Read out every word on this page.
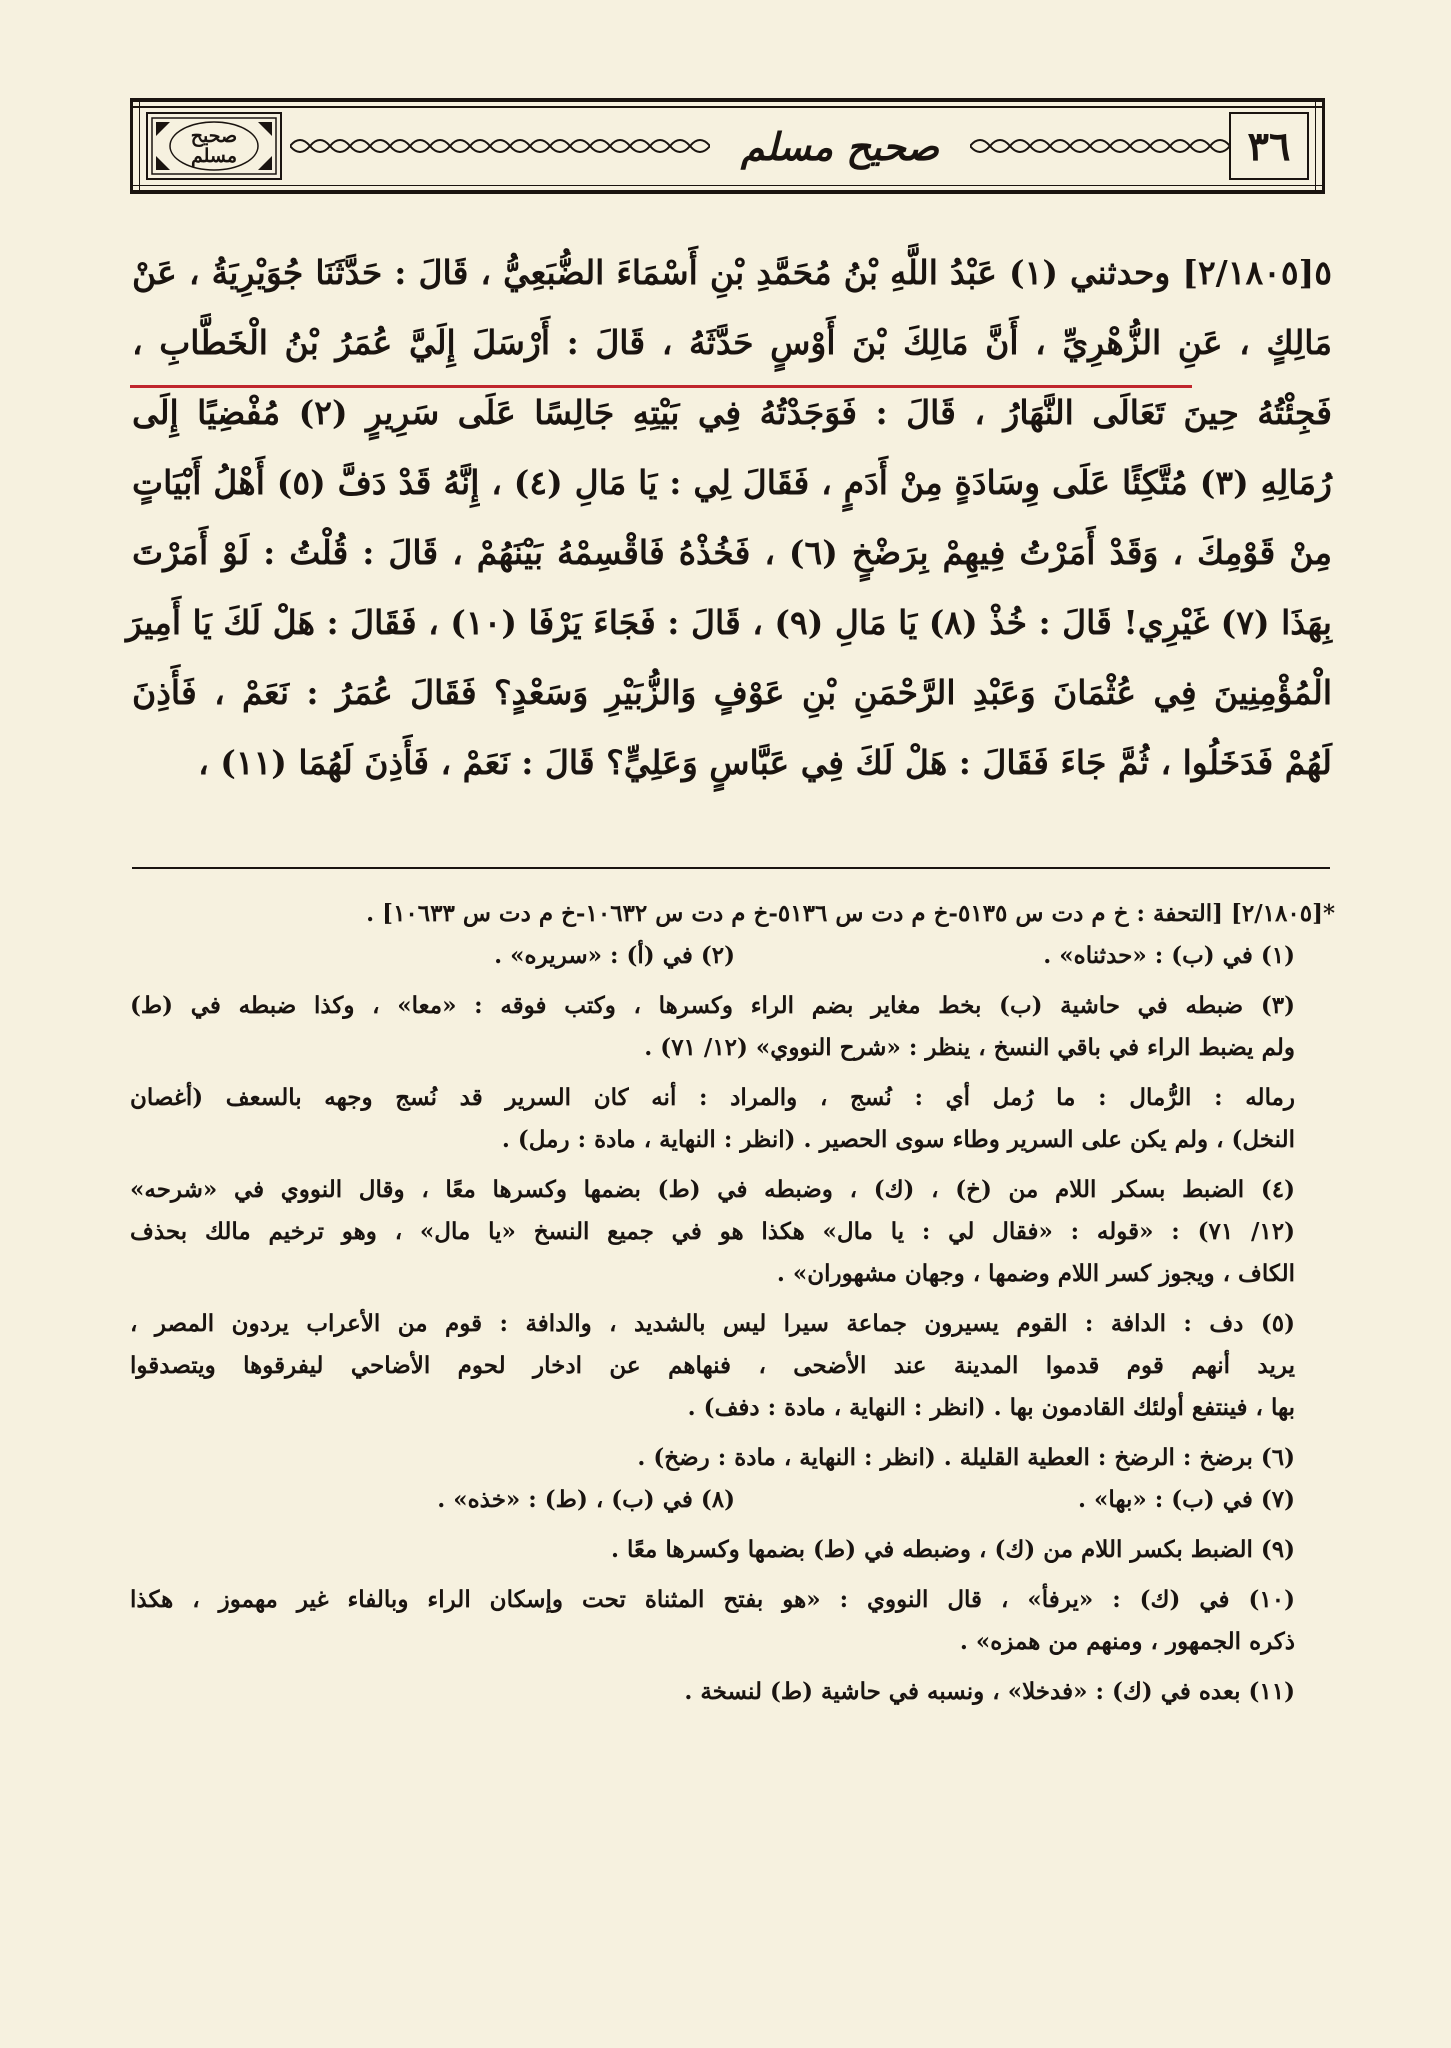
صحيح مسلم	صحيح مسلم	٣٦
٥[٢/١٨٠٥] وحدثني (١) عَبْدُ اللَّهِ بْنُ مُحَمَّدِ بْنِ أَسْمَاءَ الضُّبَعِيُّ ، قَالَ : حَدَّثَنَا جُوَيْرِيَةُ ، عَنْ
مَالِكٍ ، عَنِ الزُّهْرِيِّ ، أَنَّ مَالِكَ بْنَ أَوْسٍ حَدَّثَهُ ، قَالَ : أَرْسَلَ إِلَيَّ عُمَرُ بْنُ الْخَطَّابِ ،
فَجِئْتُهُ حِينَ تَعَالَى النَّهَارُ ، قَالَ : فَوَجَدْتُهُ فِي بَيْتِهِ جَالِسًا عَلَى سَرِيرٍ (٢) مُفْضِيًا إِلَى
رُمَالِهِ (٣) مُتَّكِئًا عَلَى وِسَادَةٍ مِنْ أَدَمٍ ، فَقَالَ لِي : يَا مَالِ (٤) ، إِنَّهُ قَدْ دَفَّ (٥) أَهْلُ أَبْيَاتٍ
مِنْ قَوْمِكَ ، وَقَدْ أَمَرْتُ فِيهِمْ بِرَضْخٍ (٦) ، فَخُذْهُ فَاقْسِمْهُ بَيْنَهُمْ ، قَالَ : قُلْتُ : لَوْ أَمَرْتَ
بِهَذَا (٧) غَيْرِي! قَالَ : خُذْ (٨) يَا مَالِ (٩) ، قَالَ : فَجَاءَ يَرْفَا (١٠) ، فَقَالَ : هَلْ لَكَ يَا أَمِيرَ
الْمُؤْمِنِينَ فِي عُثْمَانَ وَعَبْدِ الرَّحْمَنِ بْنِ عَوْفٍ وَالزُّبَيْرِ وَسَعْدٍ؟ فَقَالَ عُمَرُ : نَعَمْ ، فَأَذِنَ
لَهُمْ فَدَخَلُوا ، ثُمَّ جَاءَ فَقَالَ : هَلْ لَكَ فِي عَبَّاسٍ وَعَلِيٍّ؟ قَالَ : نَعَمْ ، فَأَذِنَ لَهُمَا (١١) ،
*[٢/١٨٠٥] [التحفة : خ م دت س ٥١٣٥-خ م دت س ٥١٣٦-خ م دت س ١٠٦٣٢-خ م دت س ١٠٦٣٣] .
(١) في (ب) : «حدثناه» .
(٢) في (أ) : «سريره» .
(٣) ضبطه في حاشية (ب) بخط مغاير بضم الراء وكسرها ، وكتب فوقه : «معا» ، وكذا ضبطه في (ط)
ولم يضبط الراء في باقي النسخ ، ينظر : «شرح النووي» (١٢/ ٧١) .
رماله : الرُّمال : ما رُمل أي : نُسج ، والمراد : أنه كان السرير قد نُسج وجهه بالسعف (أغصان
النخل) ، ولم يكن على السرير وطاء سوى الحصير . (انظر : النهاية ، مادة : رمل) .
(٤) الضبط بسكر اللام من (خ) ، (ك) ، وضبطه في (ط) بضمها وكسرها معًا ، وقال النووي في «شرحه»
(١٢/ ٧١) : «قوله : «فقال لي : يا مال» هكذا هو في جميع النسخ «يا مال» ، وهو ترخيم مالك بحذف
الكاف ، ويجوز كسر اللام وضمها ، وجهان مشهوران» .
(٥) دف : الدافة : القوم يسيرون جماعة سيرا ليس بالشديد ، والدافة : قوم من الأعراب يردون المصر ،
يريد أنهم قوم قدموا المدينة عند الأضحى ، فنهاهم عن ادخار لحوم الأضاحي ليفرقوها ويتصدقوا
بها ، فينتفع أولئك القادمون بها . (انظر : النهاية ، مادة : دفف) .
(٦) برضخ : الرضخ : العطية القليلة . (انظر : النهاية ، مادة : رضخ) .
(٧) في (ب) : «بها» .
(٨) في (ب) ، (ط) : «خذه» .
(٩) الضبط بكسر اللام من (ك) ، وضبطه في (ط) بضمها وكسرها معًا .
(١٠) في (ك) : «يرفأ» ، قال النووي : «هو بفتح المثناة تحت وإسكان الراء وبالفاء غير مهموز ، هكذا
ذكره الجمهور ، ومنهم من همزه» .
(١١) بعده في (ك) : «فدخلا» ، ونسبه في حاشية (ط) لنسخة .
